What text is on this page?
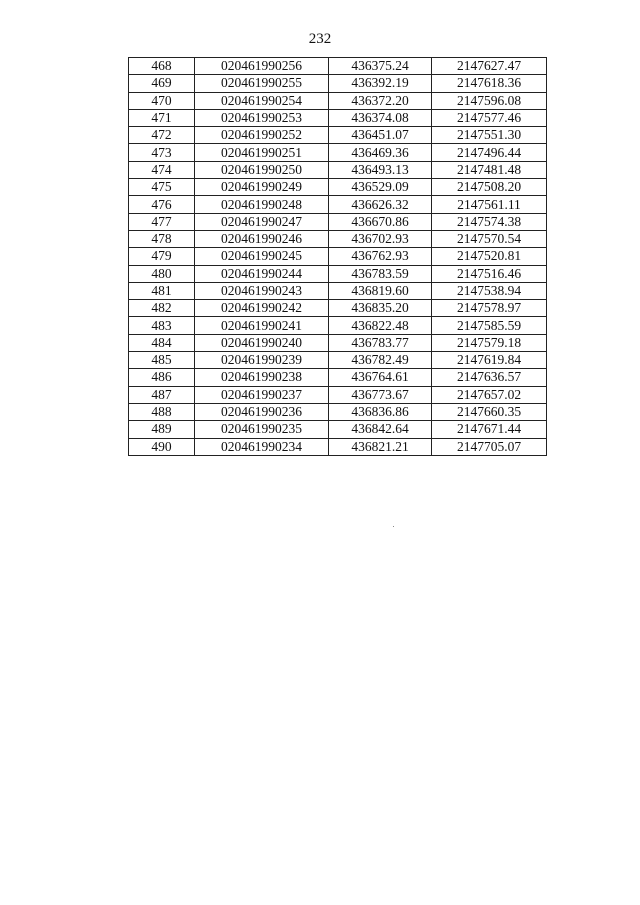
232
468	020461990256	436375.24	2147627.47
469	020461990255	436392.19	2147618.36
470	020461990254	436372.20	2147596.08
471	020461990253	436374.08	2147577.46
472	020461990252	436451.07	2147551.30
473	020461990251	436469.36	2147496.44
474	020461990250	436493.13	2147481.48
475	020461990249	436529.09	2147508.20
476	020461990248	436626.32	2147561.11
477	020461990247	436670.86	2147574.38
478	020461990246	436702.93	2147570.54
479	020461990245	436762.93	2147520.81
480	020461990244	436783.59	2147516.46
481	020461990243	436819.60	2147538.94
482	020461990242	436835.20	2147578.97
483	020461990241	436822.48	2147585.59
484	020461990240	436783.77	2147579.18
485	020461990239	436782.49	2147619.84
486	020461990238	436764.61	2147636.57
487	020461990237	436773.67	2147657.02
488	020461990236	436836.86	2147660.35
489	020461990235	436842.64	2147671.44
490	020461990234	436821.21	2147705.07
